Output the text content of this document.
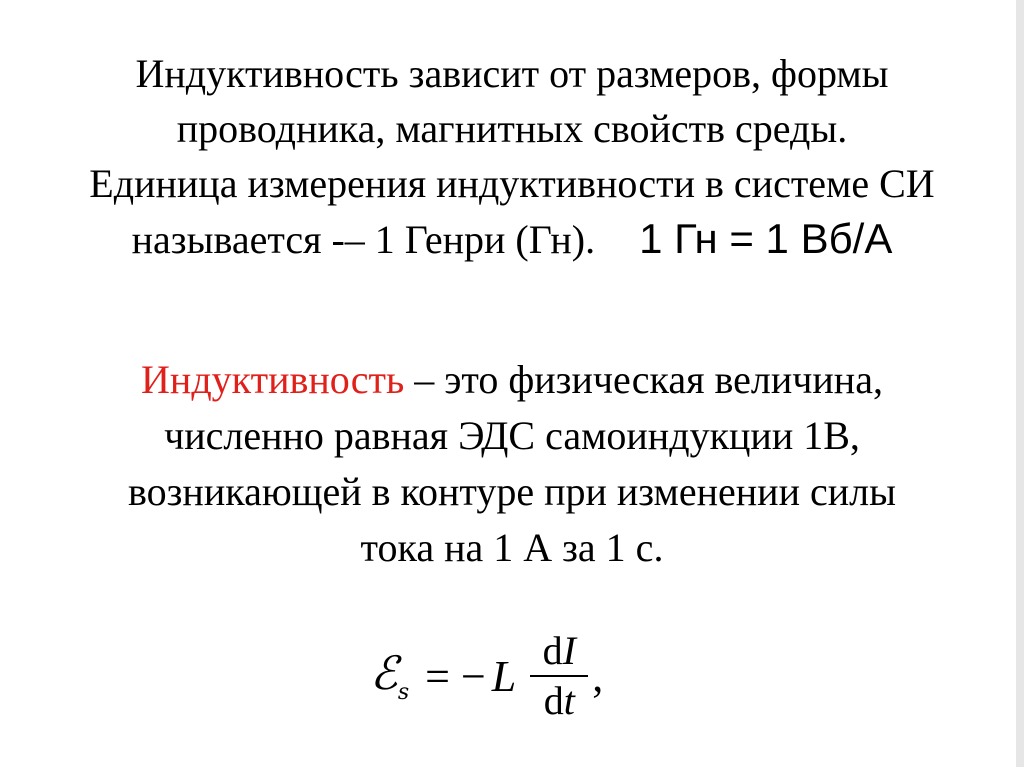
Индуктивность зависит от размеров, формы
проводника, магнитных свойств среды.
Единица измерения индуктивности в системе СИ
называется -– 1 Генри (Гн). 1 Гн = 1 Вб/А
Индуктивность – это физическая величина,
численно равная ЭДС самоиндукции 1В,
возникающей в контуре при изменении силы
тока на 1 А за 1 с.
ℰ$_s$ = − L $\frac{dI}{dt}$ ,
